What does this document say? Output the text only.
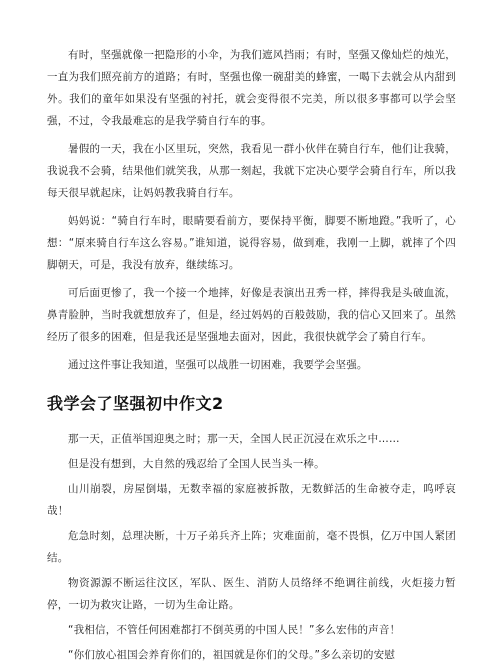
有时，坚强就像一把隐形的小伞，为我们遮风挡雨；有时，坚强又像灿烂的烛光，一直为我们照亮前方的道路；有时，坚强也像一碗甜美的蜂蜜，一喝下去就会从内甜到外。我们的童年如果没有坚强的衬托，就会变得很不完美，所以很多事都可以学会坚强，不过，令我最难忘的是我学骑自行车的事。

暑假的一天，我在小区里玩，突然，我看见一群小伙伴在骑自行车，他们让我骑，我说我不会骑，结果他们就笑我，从那一刻起，我就下定决心要学会骑自行车，所以我每天很早就起床，让妈妈教我骑自行车。

妈妈说：“骑自行车时，眼睛要看前方，要保持平衡，脚要不断地蹬。”我听了，心想：“原来骑自行车这么容易。”谁知道，说得容易，做到难，我刚一上脚，就摔了个四脚朝天，可是，我没有放弃，继续练习。

可后面更惨了，我一个接一个地摔，好像是表演出丑秀一样，摔得我是头破血流，鼻青脸肿，当时我就想放弃了，但是，经过妈妈的百般鼓励，我的信心又回来了。虽然经历了很多的困难，但是我还是坚强地去面对，因此，我很快就学会了骑自行车。

通过这件事让我知道，坚强可以战胜一切困难，我要学会坚强。

我学会了坚强初中作文2

那一天，正值举国迎奥之时；那一天，全国人民正沉浸在欢乐之中……

但是没有想到，大自然的残忍给了全国人民当头一棒。

山川崩裂，房屋倒塌，无数幸福的家庭被拆散，无数鲜活的生命被夺走，呜呼哀哉！

危急时刻，总理决断，十万子弟兵齐上阵；灾难面前，毫不畏惧，亿万中国人紧团结。

物资源源不断运往汶区，军队、医生、消防人员络绎不绝调往前线，火炬接力暂停，一切为救灾让路，一切为生命让路。

“我相信，不管任何困难都打不倒英勇的中国人民！”多么宏伟的声音！

“你们放心祖国会养育你们的，祖国就是你们的父母。”多么亲切的安慰
